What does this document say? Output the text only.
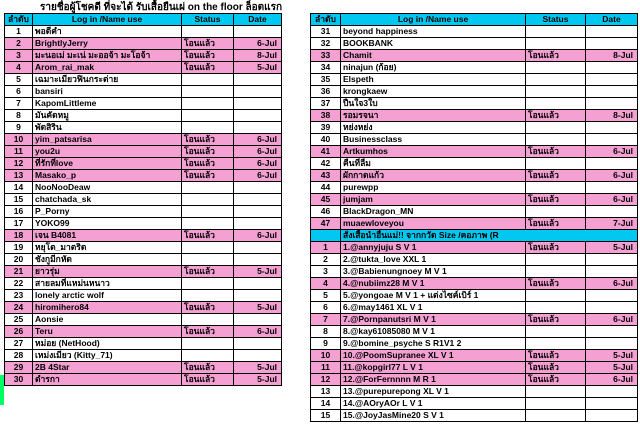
รายชื่อผู้โชคดี ที่จะได้ รับเสื้อยืนเผ่ on the floor ล็อตแรก
ลำดับ	Log in /Name use	Status	Date
1	พอดีคำ		
2	BrightlyJerry	โอนแล้ว	6-Jul
3	มะนอเม่ มะเน่ มะออจ้า มะโอจ้า	โอนแล้ว	8-Jul
4	Arom_rai_mak	โอนแล้ว	5-Jul
5	เฉมาะเมียวฟินกระต่าย		
6	bansiri		
7	KapomLittleme		
8	มันคัดหมู		
9	พัดสิริน		
10	yim_patsarisa	โอนแล้ว	6-Jul
11	you2u	โอนแล้ว	6-Jul
12	ที่รักที่love	โอนแล้ว	6-Jul
13	Masako_p	โอนแล้ว	6-Jul
14	NooNooDeaw		
15	chatchada_sk		
16	P_Porny		
17	YOKO99		
18	เจน B4081	โอนแล้ว	6-Jul
19	หยุโต_มาตริด		
20	ชังกูมีกหัด		
21	ยาวรุ่ม	โอนแล้ว	5-Jul
22	สายลมที่แหม่นหนาว		
23	lonely arctic wolf		
24	hiromihero84	โอนแล้ว	5-Jul
25	Aonsie		
26	Teru	โอนแล้ว	6-Jul
27	หม่อย (NetHood)		
28	เหม่งเมียว (Kitty_71)		
29	2B 4Star	โอนแล้ว	5-Jul
30	ตำรกา	โอนแล้ว	5-Jul
ลำดับ	Log in /Name use	Status	Date
31	beyond happiness		
32	BOOKBANK		
33	Chamit	โอนแล้ว	8-Jul
34	ninajun (ก้อย)		
35	Elspeth		
36	krongkaew		
37	ปืนใจ3ใบ		
38	รอมรจนา	โอนแล้ว	8-Jul
39	หย่งหย่ง		
40	Businessclass		
41	Artkumhos	โอนแล้ว	6-Jul
42	คืนที่ลืม		
43	ผักกาดแก้ว	โอนแล้ว	6-Jul
44	purewpp		
45	jumjam	โอนแล้ว	6-Jul
46	BlackDragon_MN		
47	muaewloveyou	โอนแล้ว	7-Jul
	สั่งเสื้อนำอื่นแม่!! จากกวัด Size /คอภาพ (R		
1	1.@annyjuju S V 1	โอนแล้ว	5-Jul
2	2.@tukta_love XXL 1		
3	3.@Babienungnoey M V 1		
4	4.@nubiimz28 M V 1	โอนแล้ว	6-Jul
5	5.@yongoae M V 1 + แต่งไซค์เบิร์ 1		
6	6.@may1461 XL V 1		
7	7.@Pornpanutsri M V 1	โอนแล้ว	6-Jul
8	8.@kay61085080 M V 1		
9	9.@bomine_psyche S R1V1 2		
10	10.@PoomSupranee XL V 1	โอนแล้ว	5-Jul
11	11.@kopgirl77 L V 1	โอนแล้ว	5-Jul
12	12.@ForFernnnn M R 1	โอนแล้ว	6-Jul
13	13.@purepurepong XL V 1		
14	14.@AOryAOr L V 1		
15	15.@JoyJasMine20 S V 1		
